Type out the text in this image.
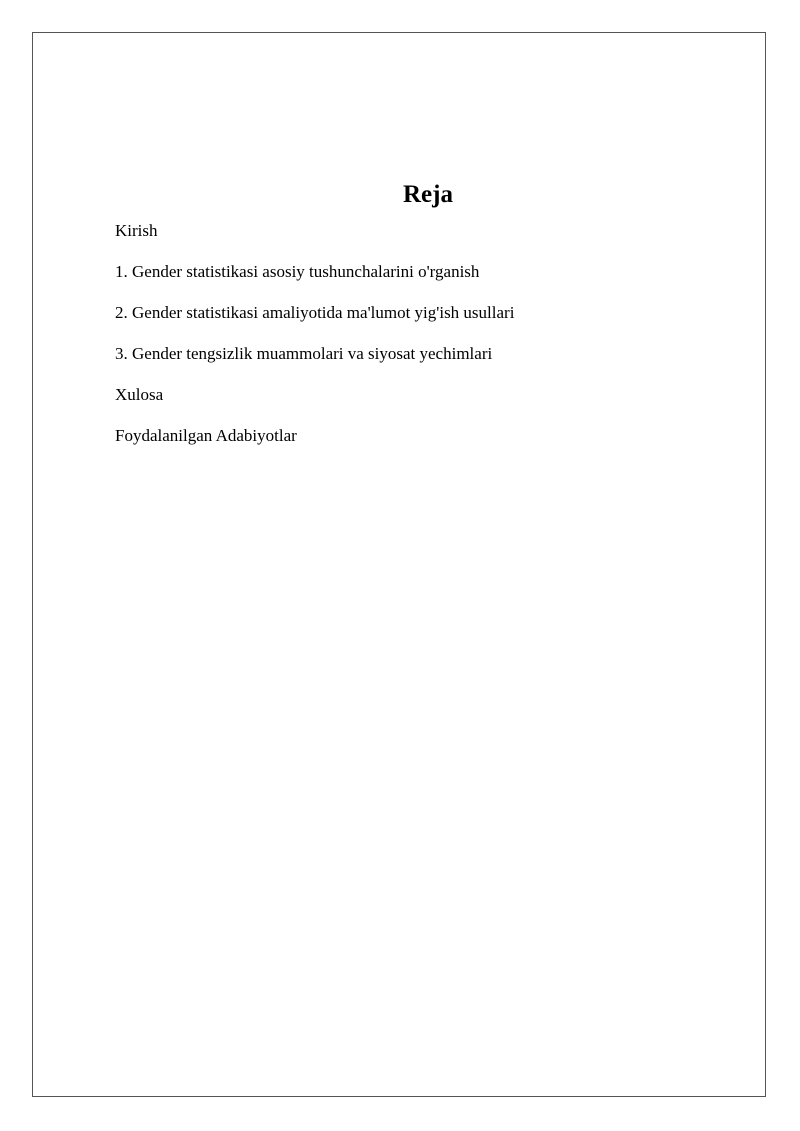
Reja
Kirish
1. Gender statistikasi asosiy tushunchalarini o'rganish
2. Gender statistikasi amaliyotida ma'lumot yig'ish usullari
3. Gender tengsizlik muammolari va siyosat yechimlari
Xulosa
Foydalanilgan Adabiyotlar
